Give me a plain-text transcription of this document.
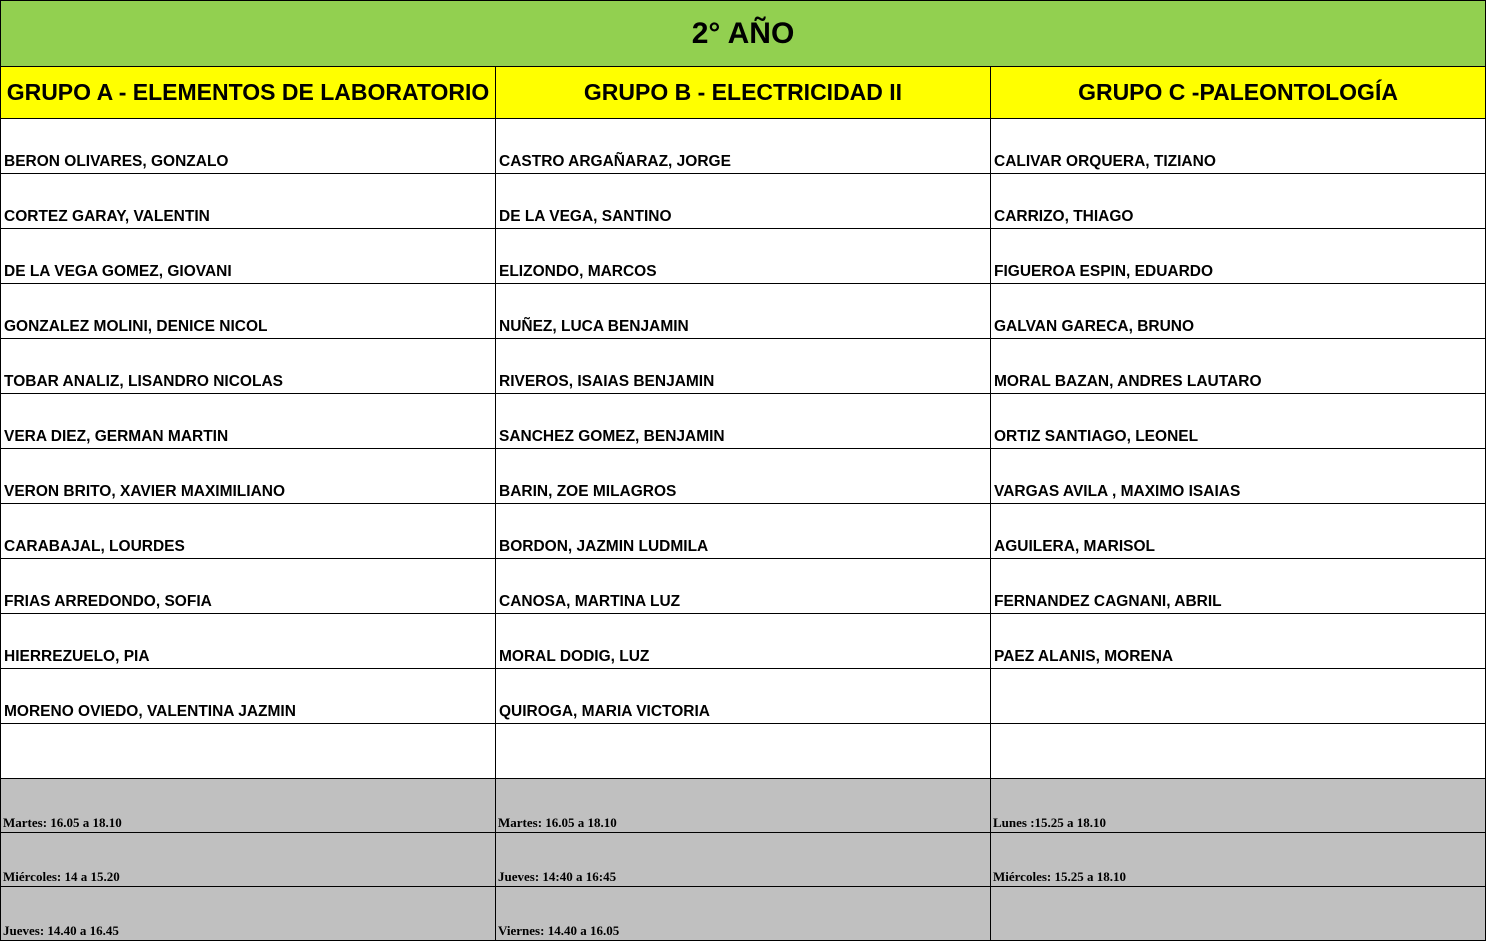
2° AÑO		
GRUPO A - ELEMENTOS DE LABORATORIO	GRUPO B - ELECTRICIDAD II	GRUPO C -PALEONTOLOGÍA
BERON OLIVARES, GONZALO	CASTRO ARGAÑARAZ, JORGE	CALIVAR ORQUERA, TIZIANO
CORTEZ GARAY, VALENTIN	DE LA VEGA, SANTINO	CARRIZO, THIAGO
DE LA VEGA GOMEZ, GIOVANI	ELIZONDO, MARCOS	FIGUEROA ESPIN, EDUARDO
GONZALEZ MOLINI, DENICE NICOL	NUÑEZ, LUCA BENJAMIN	GALVAN GARECA, BRUNO
TOBAR ANALIZ, LISANDRO NICOLAS	RIVEROS, ISAIAS BENJAMIN	MORAL BAZAN, ANDRES LAUTARO
VERA DIEZ, GERMAN MARTIN	SANCHEZ GOMEZ, BENJAMIN	ORTIZ SANTIAGO, LEONEL
VERON BRITO, XAVIER MAXIMILIANO	BARIN, ZOE MILAGROS	VARGAS AVILA , MAXIMO ISAIAS
CARABAJAL, LOURDES	BORDON, JAZMIN LUDMILA	AGUILERA, MARISOL
FRIAS ARREDONDO, SOFIA	CANOSA, MARTINA LUZ	FERNANDEZ CAGNANI, ABRIL
HIERREZUELO, PIA	MORAL DODIG, LUZ	PAEZ ALANIS, MORENA
MORENO OVIEDO, VALENTINA JAZMIN	QUIROGA, MARIA VICTORIA	

Martes: 16.05 a 18.10	Martes: 16.05 a 18.10	Lunes :15.25 a 18.10
Miércoles: 14 a 15.20	Jueves: 14:40 a 16:45	Miércoles: 15.25 a 18.10
Jueves: 14.40 a 16.45	Viernes: 14.40 a 16.05	
